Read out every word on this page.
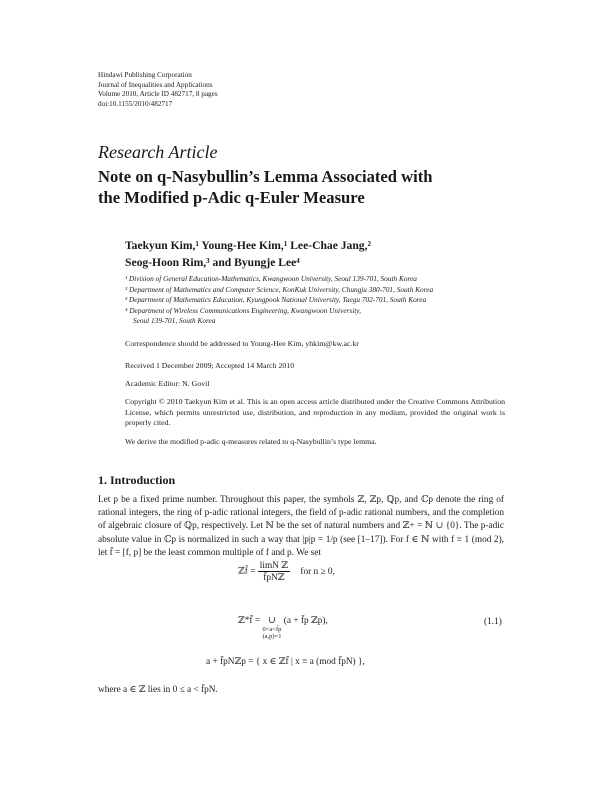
Hindawi Publishing Corporation
Journal of Inequalities and Applications
Volume 2010, Article ID 482717, 8 pages
doi:10.1155/2010/482717
Research Article
Note on q-Nasybullin’s Lemma Associated with
the Modified p-Adic q-Euler Measure
Taekyun Kim,¹ Young-Hee Kim,¹ Lee-Chae Jang,²
Seog-Hoon Rim,³ and Byungje Lee⁴
¹ Division of General Education-Mathematics, Kwangwoon University, Seoul 139-701, South Korea
² Department of Mathematics and Computer Science, KonKuk University, Chungju 380-701, South Korea
³ Department of Mathematics Education, Kyungpook National University, Taegu 702-701, South Korea
⁴ Department of Wireless Communications Engineering, Kwangwoon University,
Seoul 139-701, South Korea
Correspondence should be addressed to Young-Hee Kim, yhkim@kw.ac.kr
Received 1 December 2009; Accepted 14 March 2010
Academic Editor: N. Govil
Copyright © 2010 Taekyun Kim et al. This is an open access article distributed under the Creative Commons Attribution License, which permits unrestricted use, distribution, and reproduction in any medium, provided the original work is properly cited.
We derive the modified p-adic q-measures related to q-Nasybullin’s type lemma.
1. Introduction
Let p be a fixed prime number. Throughout this paper, the symbols ℤ, ℤp, ℚp, and ℂp denote the ring of rational integers, the ring of p-adic rational integers, the field of p-adic rational numbers, and the completion of algebraic closure of ℚp, respectively. Let ℕ be the set of natural numbers and ℤ+ = ℕ ∪ {0}. The p-adic absolute value in ℂp is normalized in such a way that |p|p = 1/p (see [1–17]). For f ∈ ℕ with f ≡ 1 (mod 2), let f̄ = [f, p] be the least common multiple of f and p. We set
ℤf̄ = $\frac{\text{limN ℤ}}{\text{f̄pNℤ}}$ for n ≥ 0,
ℤ*f̄ = ∪
0<a<f̄p
(a,p)=1
(a + f̄p ℤp),	(1.1)
a + f̄pNℤp = { x ∈ ℤf̄ | x ≡ a (mod f̄pN) },
where a ∈ ℤ lies in 0 ≤ a < f̄pN.
